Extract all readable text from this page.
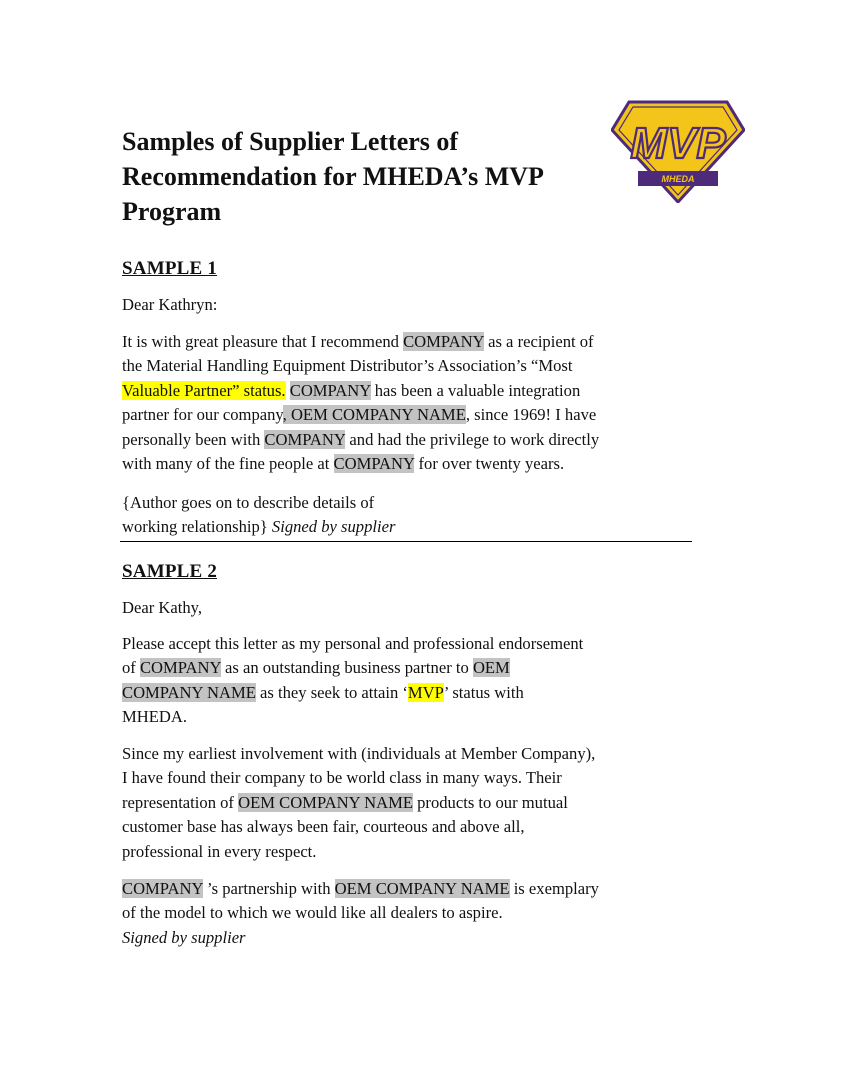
Samples of Supplier Letters of
Recommendation for MHEDA’s MVP
Program
MVP
MHEDA
SAMPLE 1
Dear Kathryn:
It is with great pleasure that I recommend COMPANY as a recipient of
the Material Handling Equipment Distributor’s Association’s “Most
Valuable Partner” status. COMPANY has been a valuable integration
partner for our company, OEM COMPANY NAME, since 1969! I have
personally been with COMPANY and had the privilege to work directly
with many of the fine people at COMPANY for over twenty years.
{Author goes on to describe details of
working relationship} Signed by supplier
SAMPLE 2
Dear Kathy,
Please accept this letter as my personal and professional endorsement
of COMPANY as an outstanding business partner to OEM
COMPANY NAME as they seek to attain ‘MVP’ status with
MHEDA.
Since my earliest involvement with (individuals at Member Company),
I have found their company to be world class in many ways. Their
representation of OEM COMPANY NAME products to our mutual
customer base has always been fair, courteous and above all,
professional in every respect.
COMPANY ’s partnership with OEM COMPANY NAME is exemplary
of the model to which we would like all dealers to aspire.
Signed by supplier
